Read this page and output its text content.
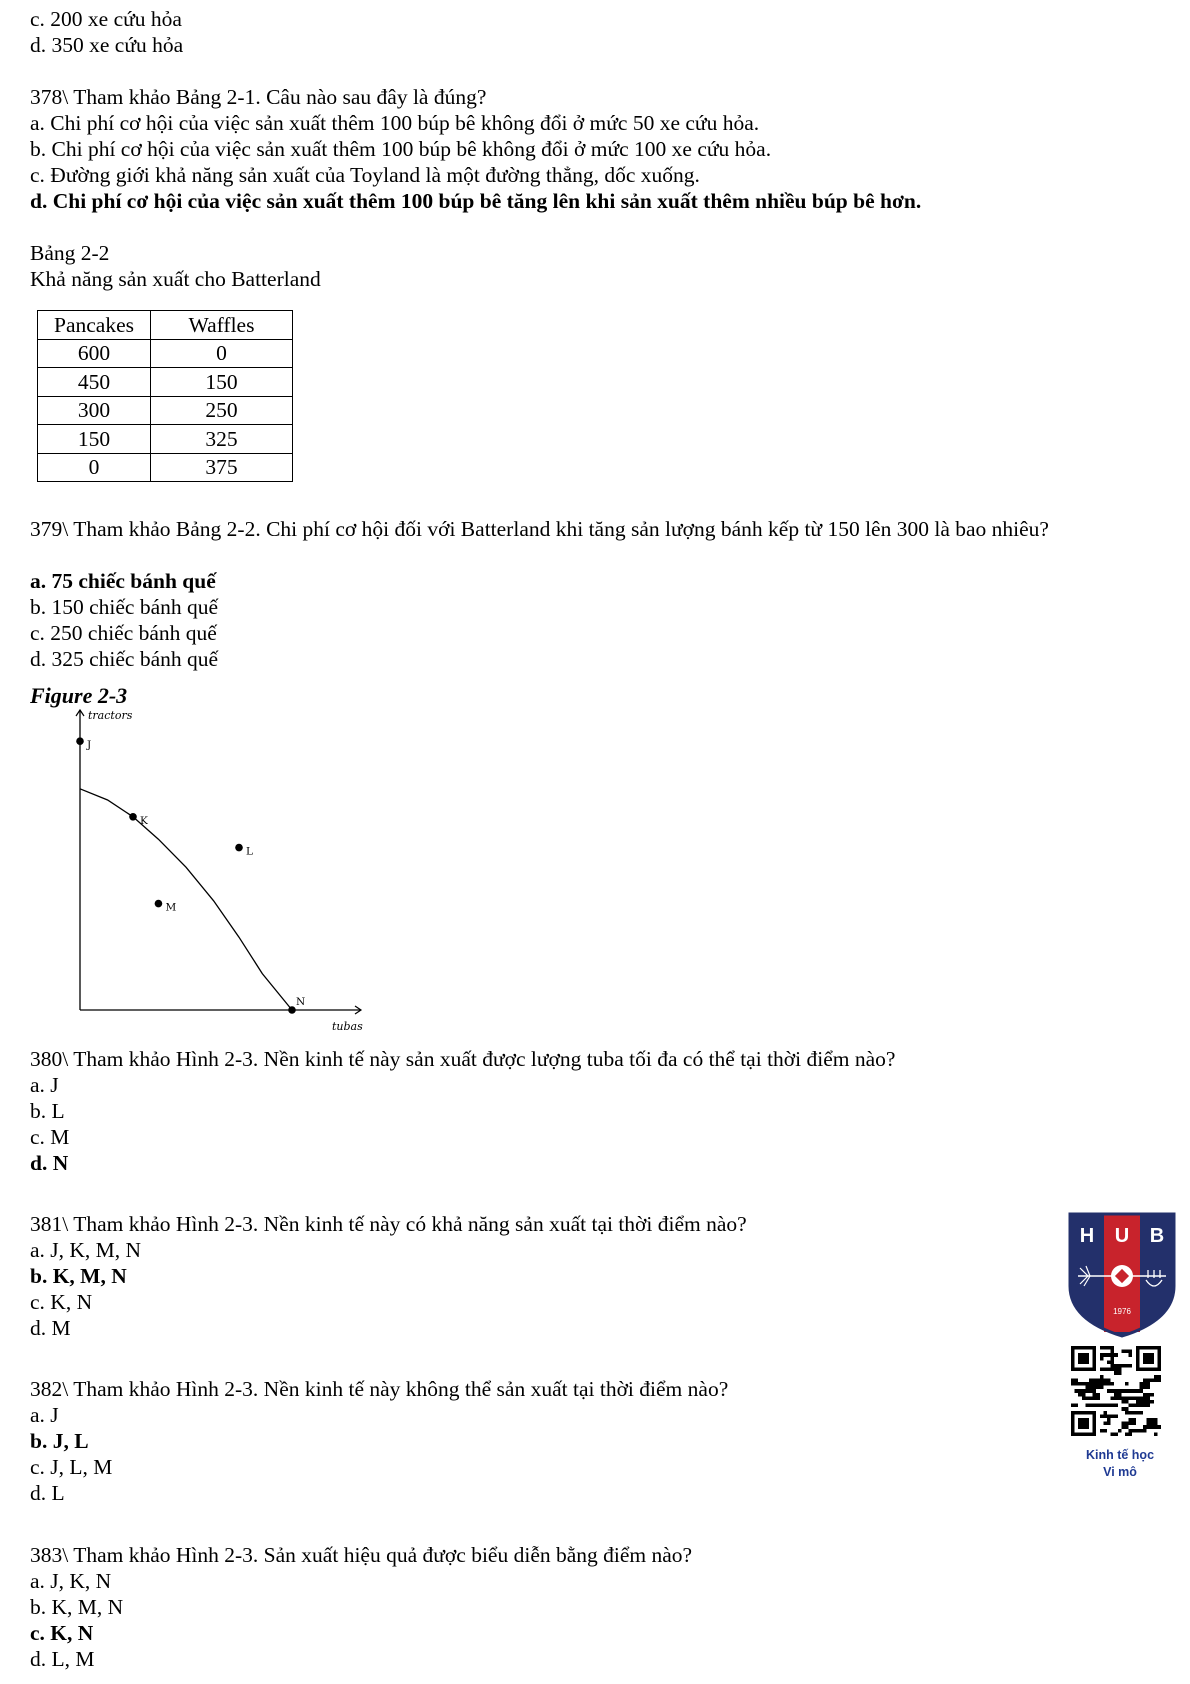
c. 200 xe cứu hỏa
d. 350 xe cứu hỏa
378\ Tham khảo Bảng 2-1. Câu nào sau đây là đúng?
a. Chi phí cơ hội của việc sản xuất thêm 100 búp bê không đổi ở mức 50 xe cứu hỏa.
b. Chi phí cơ hội của việc sản xuất thêm 100 búp bê không đổi ở mức 100 xe cứu hỏa.
c. Đường giới khả năng sản xuất của Toyland là một đường thẳng, dốc xuống.
d. Chi phí cơ hội của việc sản xuất thêm 100 búp bê tăng lên khi sản xuất thêm nhiều búp bê hơn.
Bảng 2-2
Khả năng sản xuất cho Batterland
Pancakes	Waffles
600	0
450	150
300	250
150	325
0	375
379\ Tham khảo Bảng 2-2. Chi phí cơ hội đối với Batterland khi tăng sản lượng bánh kếp từ 150 lên 300 là bao nhiêu?
a. 75 chiếc bánh quế
b. 150 chiếc bánh quế
c. 250 chiếc bánh quế
d. 325 chiếc bánh quế
Figure 2-3
tractors
tubas
J
K
L
M
N
380\ Tham khảo Hình 2-3. Nền kinh tế này sản xuất được lượng tuba tối đa có thể tại thời điểm nào?
a. J
b. L
c. M
d. N
381\ Tham khảo Hình 2-3. Nền kinh tế này có khả năng sản xuất tại thời điểm nào?
a. J, K, M, N
b. K, M, N
c. K, N
d. M
382\ Tham khảo Hình 2-3. Nền kinh tế này không thể sản xuất tại thời điểm nào?
a. J
b. J, L
c. J, L, M
d. L
383\ Tham khảo Hình 2-3. Sản xuất hiệu quả được biểu diễn bằng điểm nào?
a. J, K, N
b. K, M, N
c. K, N
d. L, M
H U B
1976
Kinh tế học
Vi mô
